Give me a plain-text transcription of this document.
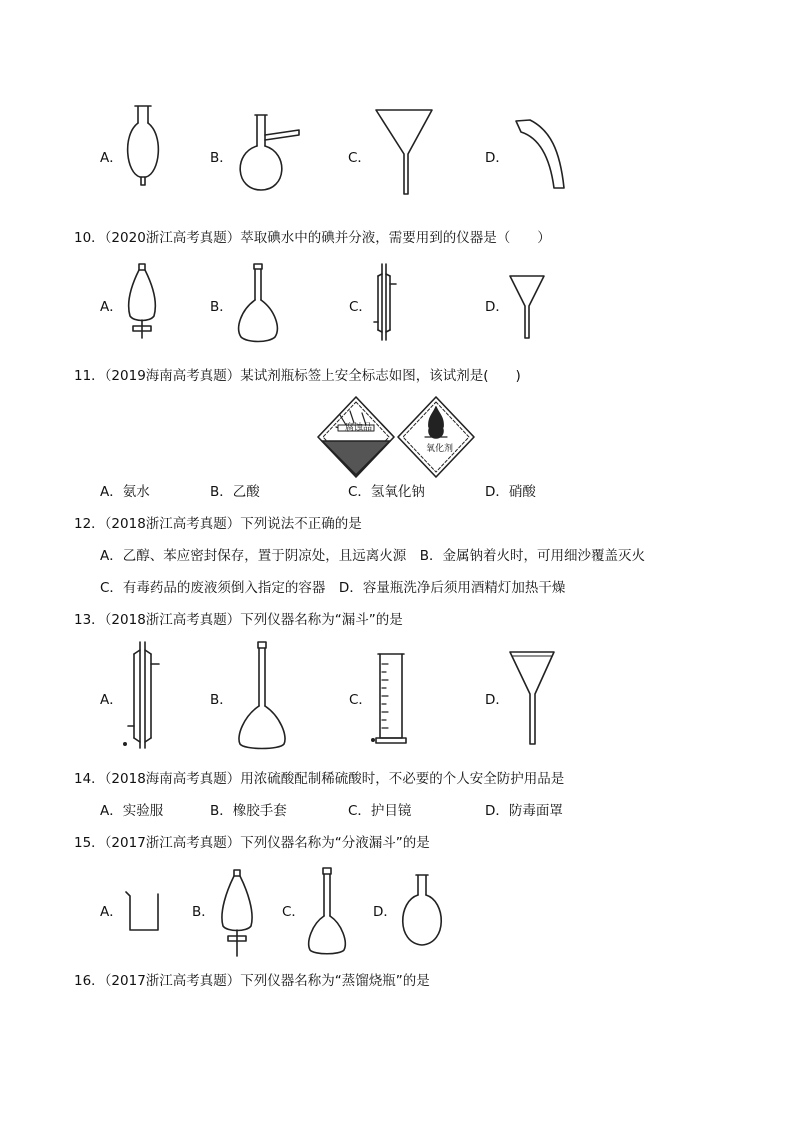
A．	B．	C．	D．
10．（2020浙江高考真题）萃取碘水中的碘并分液，需要用到的仪器是（　　）
A．	B．	C．	D．
11．（2019海南高考真题）某试剂瓶标签上安全标志如图，该试剂是(　　)
腐蚀品
氧化剂
A．氨水	B．乙酸	C．氢氧化钠	D．硝酸
12．（2018浙江高考真题）下列说法不正确的是
A．乙醇、苯应密封保存，置于阴凉处，且远离火源　B．金属钠着火时，可用细沙覆盖灭火
C．有毒药品的废液须倒入指定的容器　D．容量瓶洗净后须用酒精灯加热干燥
13．（2018浙江高考真题）下列仪器名称为“漏斗”的是
A．	B．	C．	D．
14．（2018海南高考真题）用浓硫酸配制稀硫酸时，不必要的个人安全防护用品是
A．实验服	B．橡胶手套	C．护目镜	D．防毒面罩
15．（2017浙江高考真题）下列仪器名称为“分液漏斗”的是
A．	B．	C．	D．
16．（2017浙江高考真题）下列仪器名称为“蒸馏烧瓶”的是
